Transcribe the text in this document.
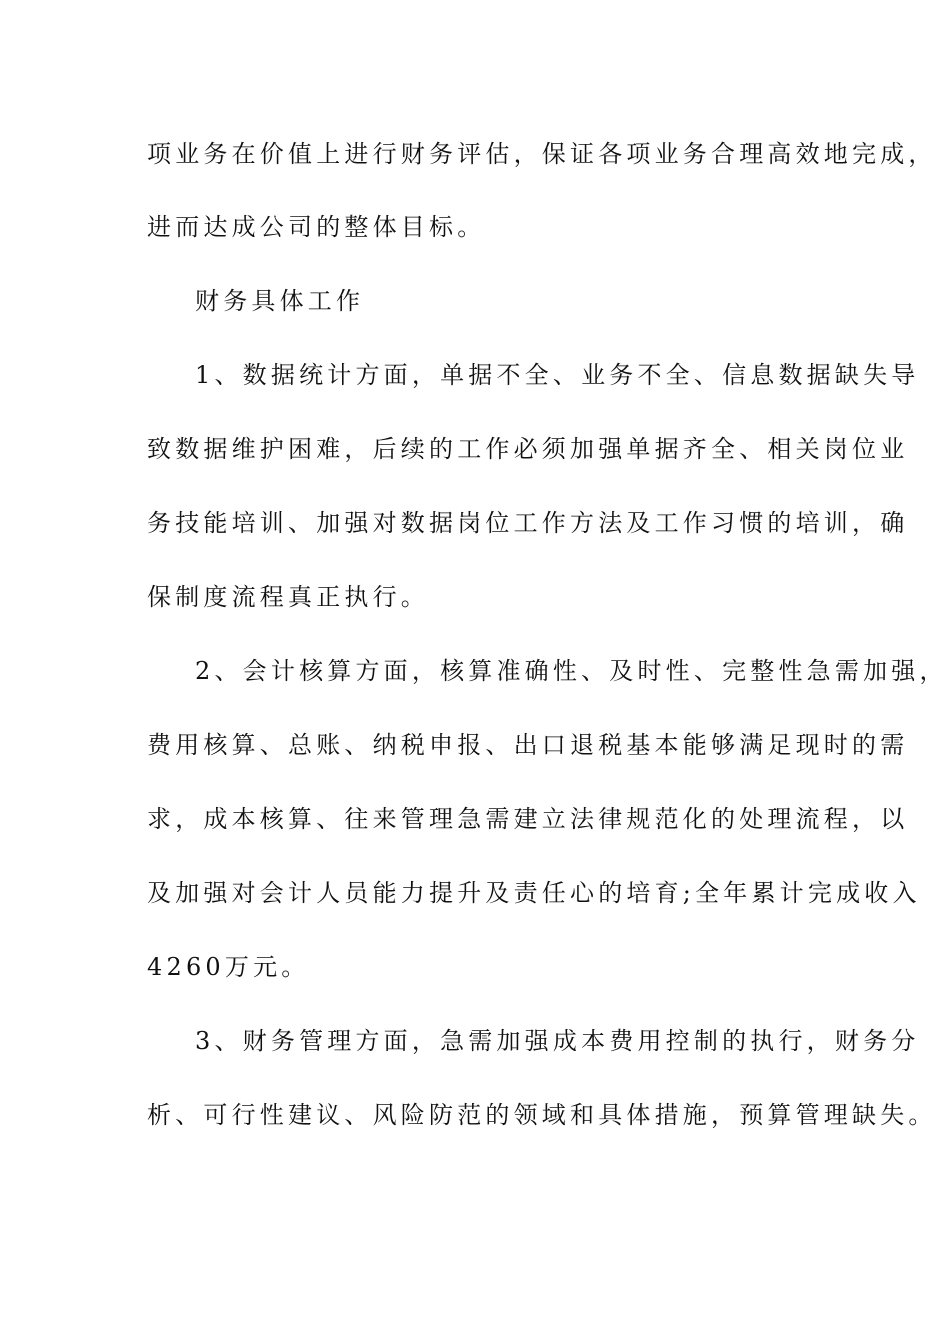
项业务在价值上进行财务评估，保证各项业务合理高效地完成，
进而达成公司的整体目标。
财务具体工作
1、数据统计方面，单据不全、业务不全、信息数据缺失导
致数据维护困难，后续的工作必须加强单据齐全、相关岗位业
务技能培训、加强对数据岗位工作方法及工作习惯的培训，确
保制度流程真正执行。
2、会计核算方面，核算准确性、及时性、完整性急需加强，
费用核算、总账、纳税申报、出口退税基本能够满足现时的需
求，成本核算、往来管理急需建立法律规范化的处理流程，以
及加强对会计人员能力提升及责任心的培育;全年累计完成收入
4260万元。
3、财务管理方面，急需加强成本费用控制的执行，财务分
析、可行性建议、风险防范的领域和具体措施，预算管理缺失。
